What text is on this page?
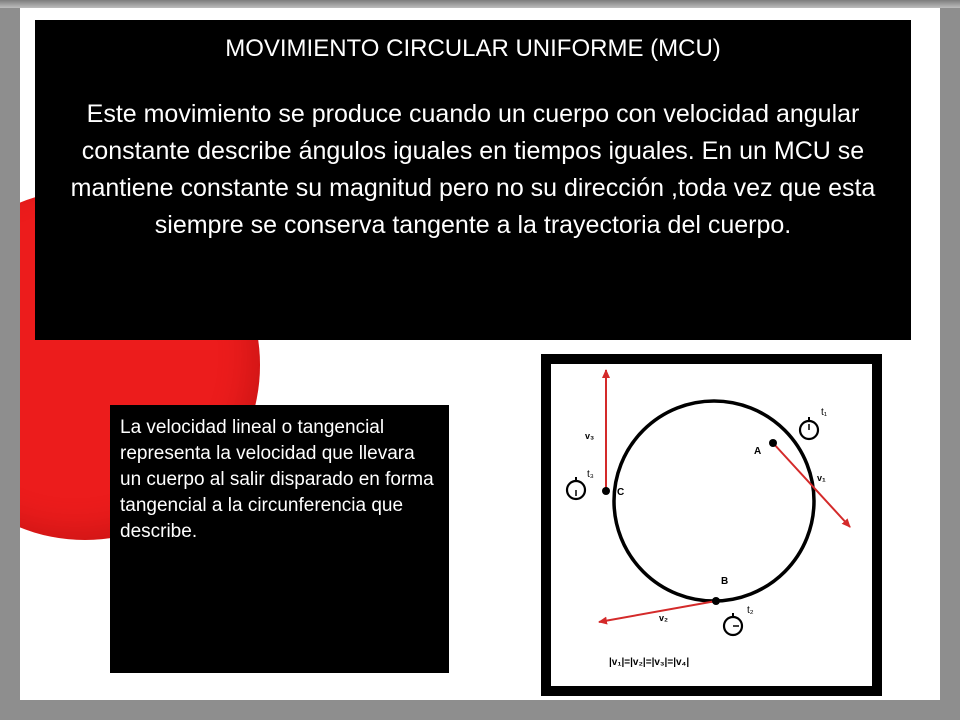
MOVIMIENTO CIRCULAR UNIFORME (MCU)

Este movimiento se produce cuando un cuerpo con velocidad angular constante describe ángulos iguales en tiempos iguales. En un MCU se mantiene constante su magnitud pero no su dirección ,toda vez que esta siempre se conserva tangente a la trayectoria del cuerpo.

La velocidad lineal o tangencial representa la velocidad que llevara un cuerpo al salir disparado en forma tangencial a la circunferencia que describe.
A
B
C
v₁
v₂
v₃
t₁
t₂
t₃
|v₁|=|v₂|=|v₃|=|v₄|
